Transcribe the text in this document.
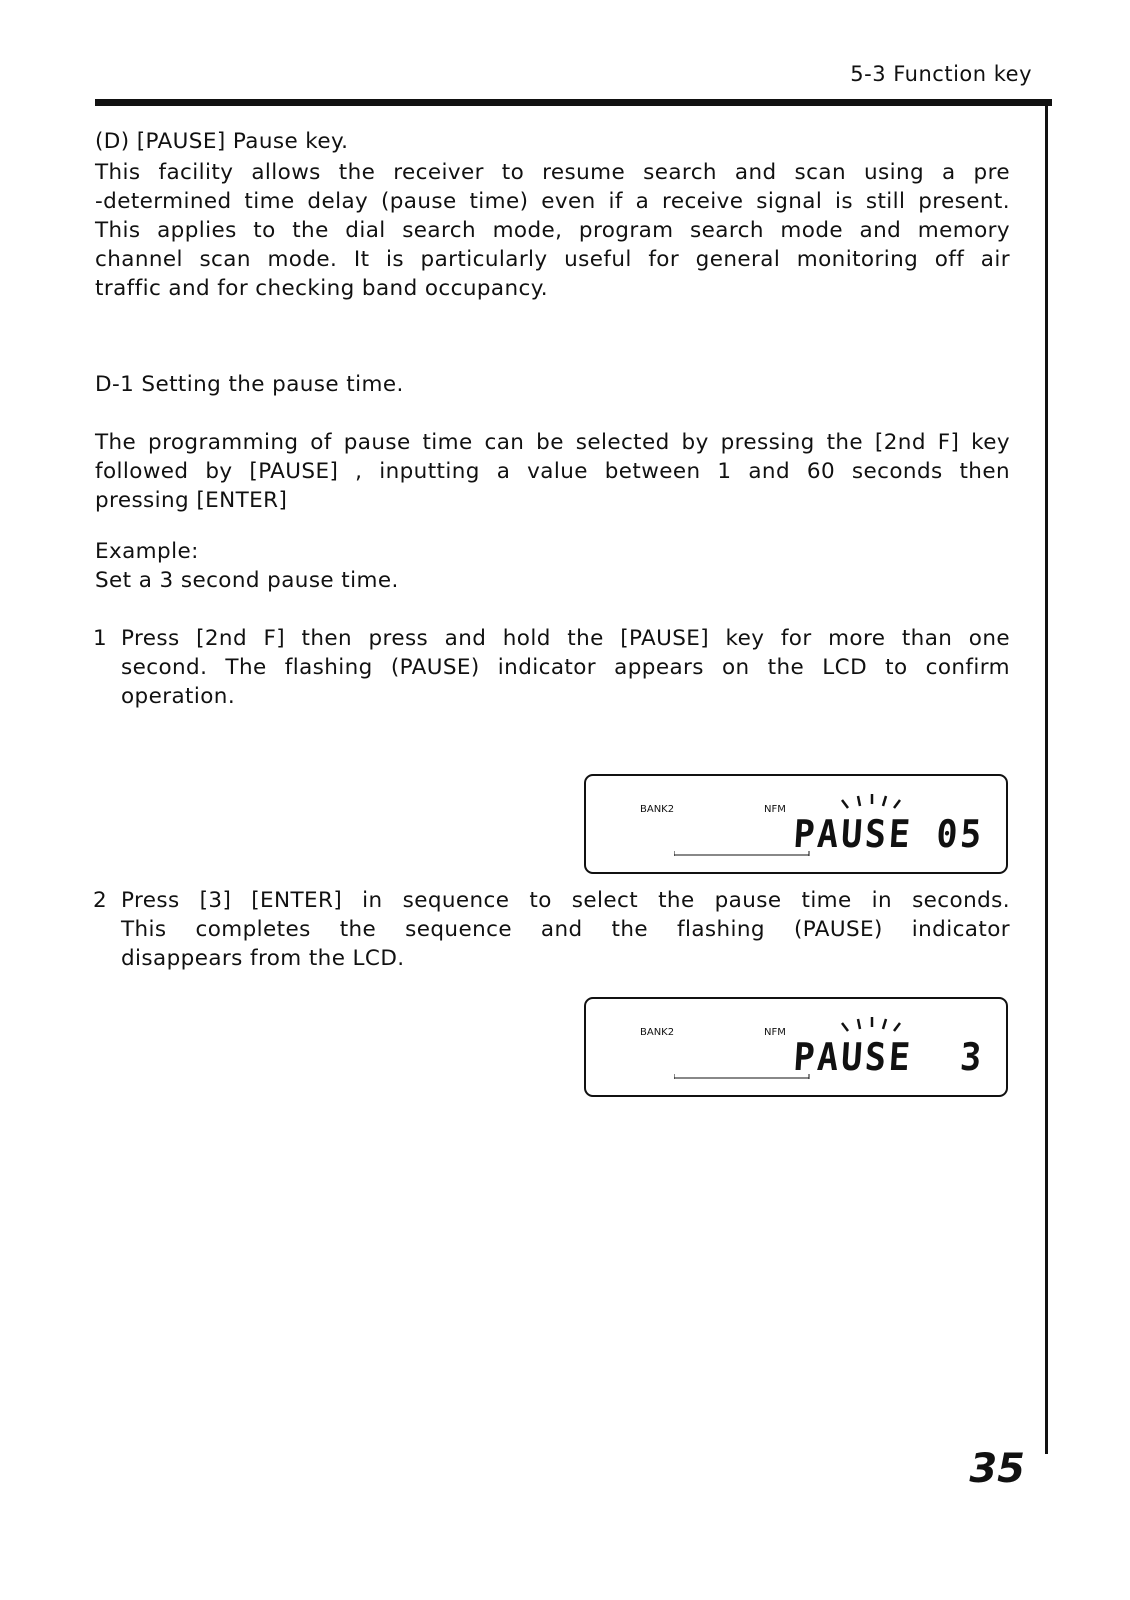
5-3 Function key
(D) [PAUSE] Pause key.
This facility allows the receiver to resume search and scan using a pre
-determined time delay (pause time) even if a receive signal is still present.
This applies to the dial search mode, program search mode and memory
channel scan mode. It is particularly useful for general monitoring off air
traffic and for checking band occupancy.
D-1 Setting the pause time.
The programming of pause time can be selected by pressing the [2nd F] key
followed by [PAUSE] , inputting a value between 1 and 60 seconds then
pressing [ENTER]
Example:
Set a 3 second pause time.
1 Press [2nd F] then press and hold the [PAUSE] key for more than one
second. The flashing (PAUSE) indicator appears on the LCD to confirm
operation.
BANK2	NFM
PAUSE 05
2 Press [3] [ENTER] in sequence to select the pause time in seconds.
This completes the sequence and the flashing (PAUSE) indicator
disappears from the LCD.
BANK2	NFM
PAUSE  3
35
